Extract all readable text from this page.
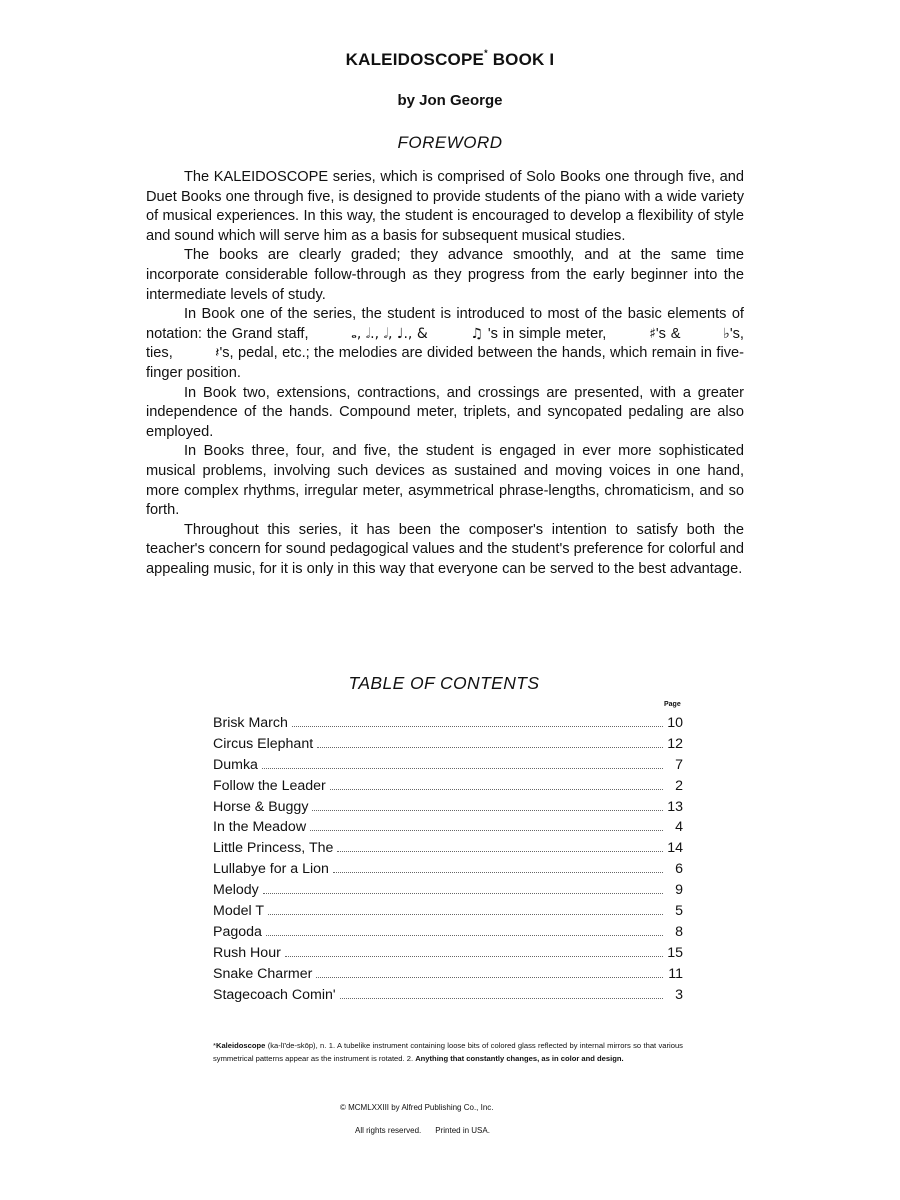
KALEIDOSCOPE* BOOK I
by Jon George
FOREWORD

The KALEIDOSCOPE series, which is comprised of Solo Books one through five, and Duet Books one through five, is designed to provide students of the piano with a wide variety of musical experiences. In this way, the student is encouraged to develop a flexibility of style and sound which will serve him as a basis for subsequent musical studies.

The books are clearly graded; they advance smoothly, and at the same time incorporate considerable follow-through as they progress from the early beginner into the intermediate levels of study.

In Book one of the series, the student is introduced to most of the basic elements of notation: the Grand staff,	𝅝, 𝅗𝅥., 𝅗𝅥, ♩., &	♫ 's in simple meter,	♯'s &	♭'s, ties,	𝄽's, pedal, etc.; the melodies are divided between the hands, which remain in five-finger position.

In Book two, extensions, contractions, and crossings are presented, with a greater independence of the hands. Compound meter, triplets, and syncopated pedaling are also employed.

In Books three, four, and five, the student is engaged in ever more sophisticated musical problems, involving such devices as sustained and moving voices in one hand, more complex rhythms, irregular meter, asymmetrical phrase-lengths, chromaticism, and so forth.

Throughout this series, it has been the composer's intention to satisfy both the teacher's concern for sound pedagogical values and the student's preference for colorful and appealing music, for it is only in this way that everyone can be served to the best advantage.

TABLE OF CONTENTS
Page
Brisk March	10
Circus Elephant	12
Dumka	7
Follow the Leader	2
Horse & Buggy	13
In the Meadow	4
Little Princess, The	14
Lullabye for a Lion	6
Melody	9
Model T	5
Pagoda	8
Rush Hour	15
Snake Charmer	11
Stagecoach Comin'	3
*Kaleidoscope (ka-lī'de-skōp), n. 1. A tubelike instrument containing loose bits of colored glass reflected by internal mirrors so that various symmetrical patterns appear as the instrument is rotated. 2. Anything that constantly changes, as in color and design.
© MCMLXXIII by Alfred Publishing Co., Inc.
All rights reserved. Printed in USA.
